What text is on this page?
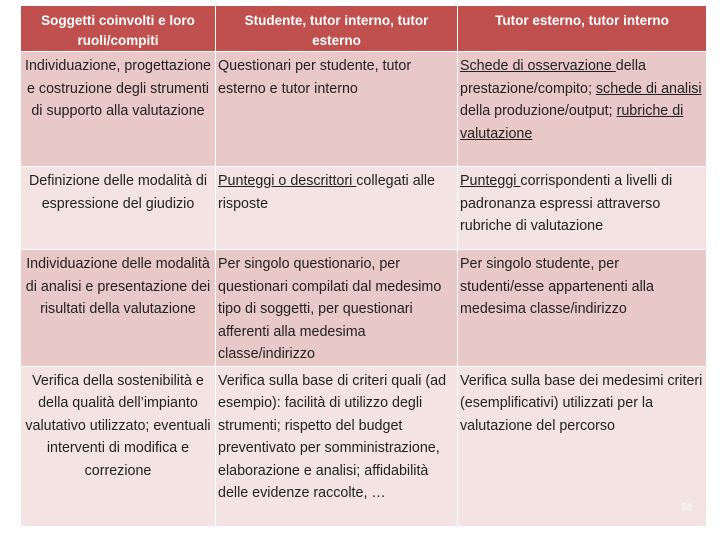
Soggetti coinvolti e loro ruoli/compiti	Studente, tutor interno, tutor esterno	Tutor esterno, tutor interno
Individuazione, progettazione e costruzione degli strumenti di supporto alla valutazione	Questionari per studente, tutor esterno e tutor interno	Schede di osservazione della prestazione/compito; schede di analisi della produzione/output; rubriche di valutazione
Definizione delle modalità di espressione del giudizio	Punteggi o descrittori collegati alle risposte	Punteggi corrispondenti a livelli di padronanza espressi attraverso rubriche di valutazione
Individuazione delle modalità di analisi e presentazione dei risultati della valutazione	Per singolo questionario, per questionari compilati dal medesimo tipo di soggetti, per questionari afferenti alla medesima classe/indirizzo	Per singolo studente, per studenti/esse appartenenti alla medesima classe/indirizzo
Verifica della sostenibilità e della qualità dell’impianto valutativo utilizzato; eventuali interventi di modifica e correzione	Verifica sulla base di criteri quali (ad esempio): facilità di utilizzo degli strumenti; rispetto del budget preventivato per somministrazione, elaborazione e analisi; affidabilità delle evidenze raccolte, …	Verifica sulla base dei medesimi criteri (esemplificativi) utilizzati per la valutazione del percorso
58
